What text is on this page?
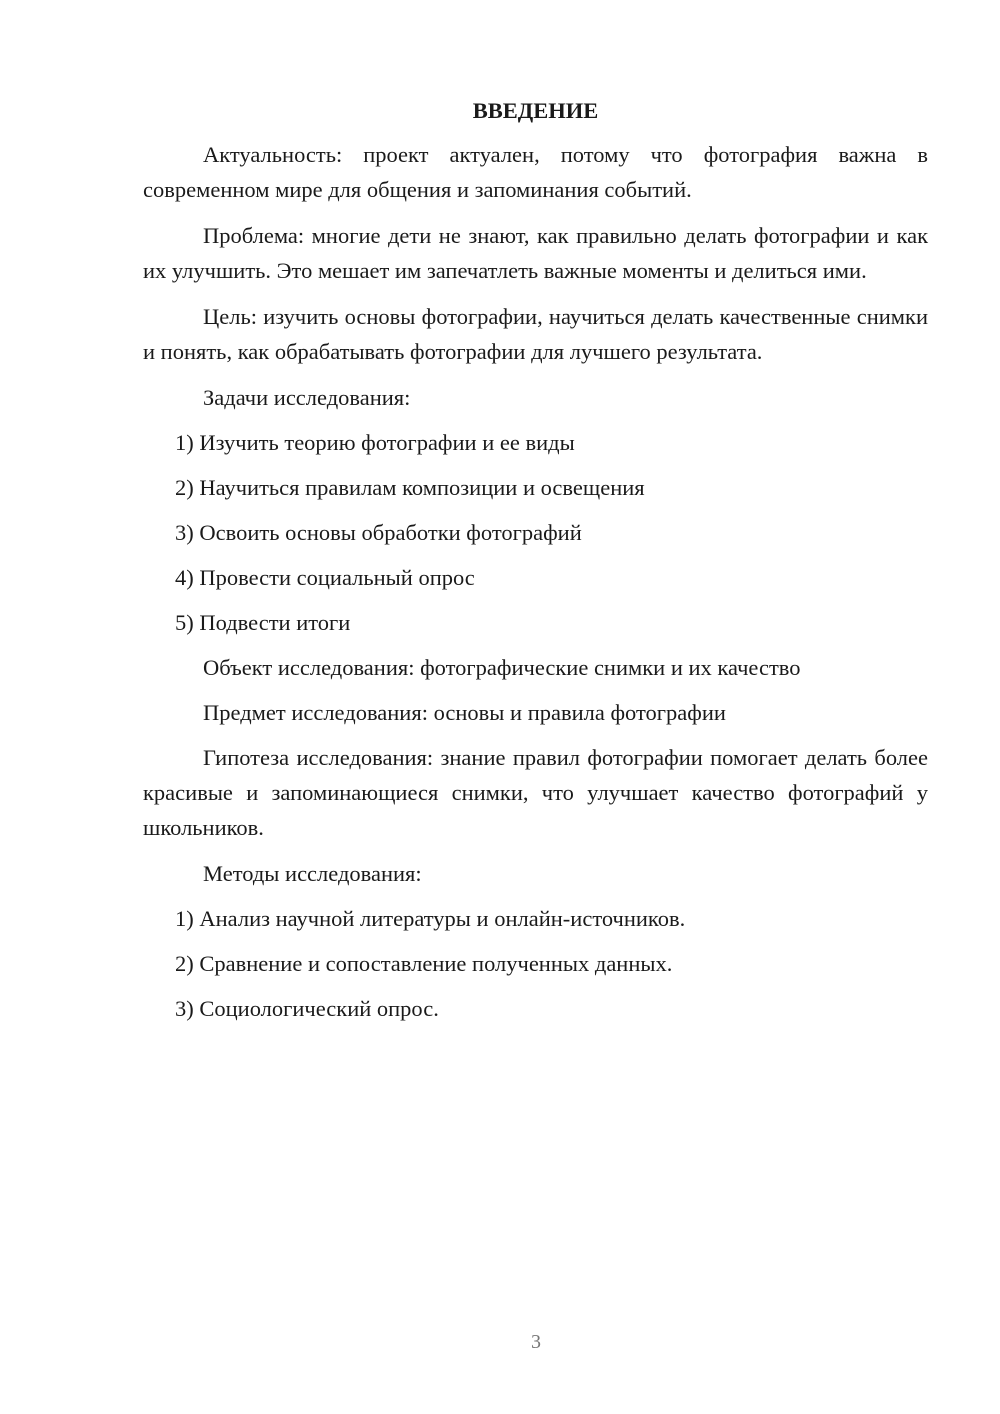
ВВЕДЕНИЕ

Актуальность: проект актуален, потому что фотография важна в современном мире для общения и запоминания событий.

Проблема: многие дети не знают, как правильно делать фотографии и как их улучшить. Это мешает им запечатлеть важные моменты и делиться ими.

Цель: изучить основы фотографии, научиться делать качественные снимки и понять, как обрабатывать фотографии для лучшего результата.

Задачи исследования:

1) Изучить теорию фотографии и ее виды
2) Научиться правилам композиции и освещения
3) Освоить основы обработки фотографий
4) Провести социальный опрос
5) Подвести итоги

Объект исследования: фотографические снимки и их качество

Предмет исследования: основы и правила фотографии

Гипотеза исследования: знание правил фотографии помогает делать более красивые и запоминающиеся снимки, что улучшает качество фотографий у школьников.

Методы исследования:

1) Анализ научной литературы и онлайн-источников.
2) Сравнение и сопоставление полученных данных.
3) Социологический опрос.
3
